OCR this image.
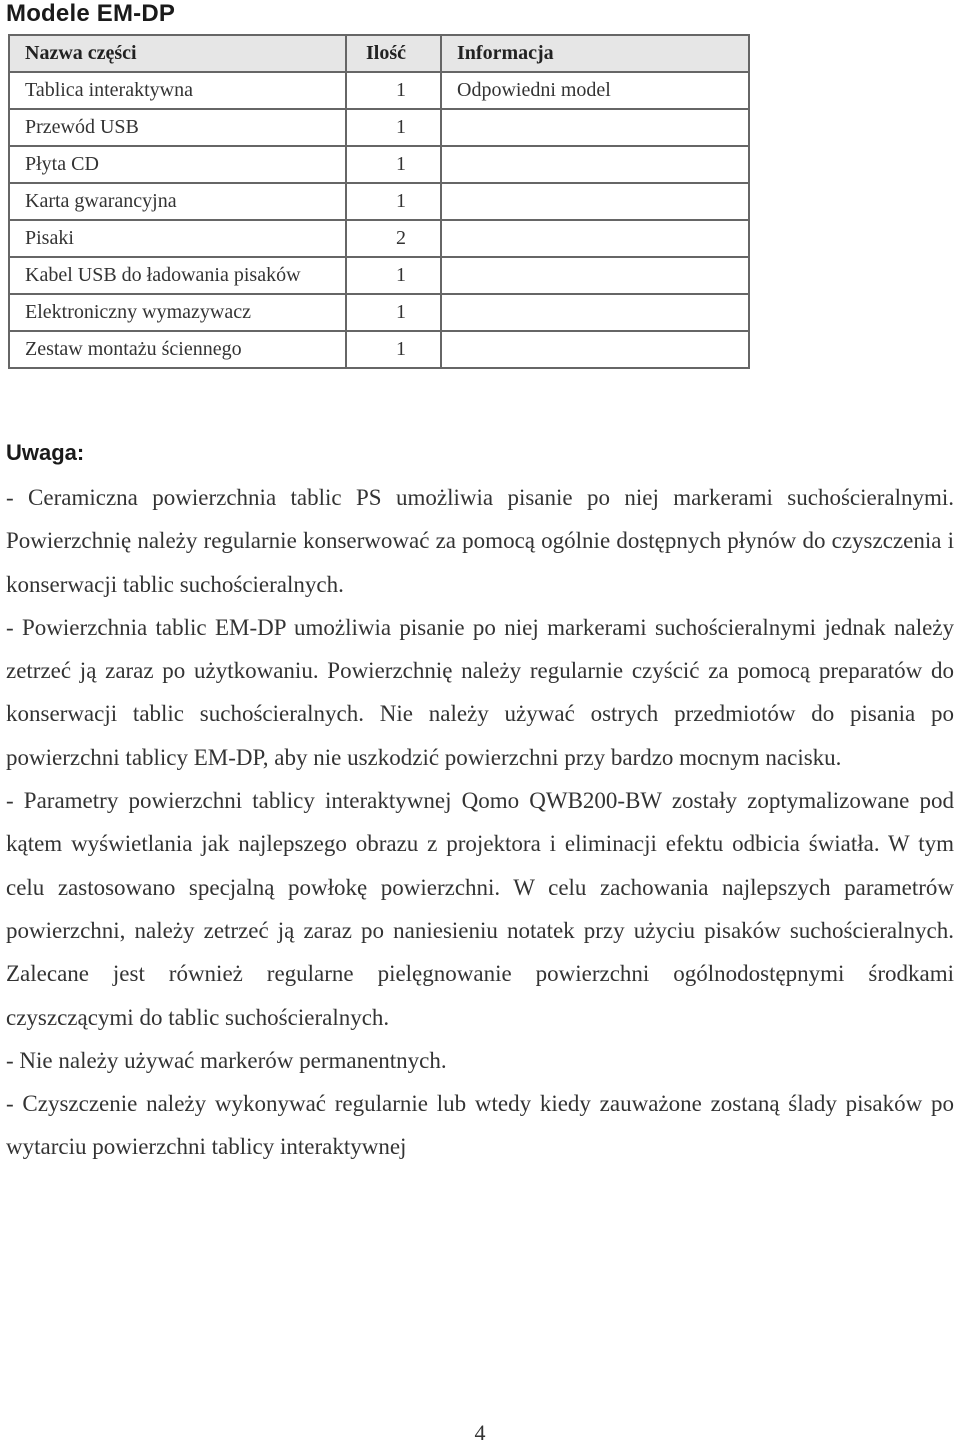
Modele EM-DP
Nazwa części	Ilość	Informacja
Tablica interaktywna	1	Odpowiedni model
Przewód USB	1	
Płyta CD	1	
Karta gwarancyjna	1	
Pisaki	2	
Kabel USB do ładowania pisaków	1	
Elektroniczny wymazywacz	1	
Zestaw montażu ściennego	1	
Uwaga:

- Ceramiczna powierzchnia tablic PS umożliwia pisanie po niej markerami suchościeralnymi. Powierzchnię należy regularnie konserwować za pomocą ogólnie dostępnych płynów do czyszczenia i konserwacji tablic suchościeralnych.

- Powierzchnia tablic EM-DP umożliwia pisanie po niej markerami suchościeralnymi jednak należy zetrzeć ją zaraz po użytkowaniu. Powierzchnię należy regularnie czyścić za pomocą preparatów do konserwacji tablic suchościeralnych. Nie należy używać ostrych przedmiotów do pisania po powierzchni tablicy EM-DP, aby nie uszkodzić powierzchni przy bardzo mocnym nacisku.

- Parametry powierzchni tablicy interaktywnej Qomo QWB200-BW zostały zoptymalizowane pod kątem wyświetlania jak najlepszego obrazu z projektora i eliminacji efektu odbicia światła. W tym celu zastosowano specjalną powłokę powierzchni. W celu zachowania najlepszych parametrów powierzchni, należy zetrzeć ją zaraz po naniesieniu notatek przy użyciu pisaków suchościeralnych. Zalecane jest również regularne pielęgnowanie powierzchni ogólnodostępnymi środkami czyszczącymi do tablic suchościeralnych.

- Nie należy używać markerów permanentnych.

- Czyszczenie należy wykonywać regularnie lub wtedy kiedy zauważone zostaną ślady pisaków po wytarciu powierzchni tablicy interaktywnej

4
